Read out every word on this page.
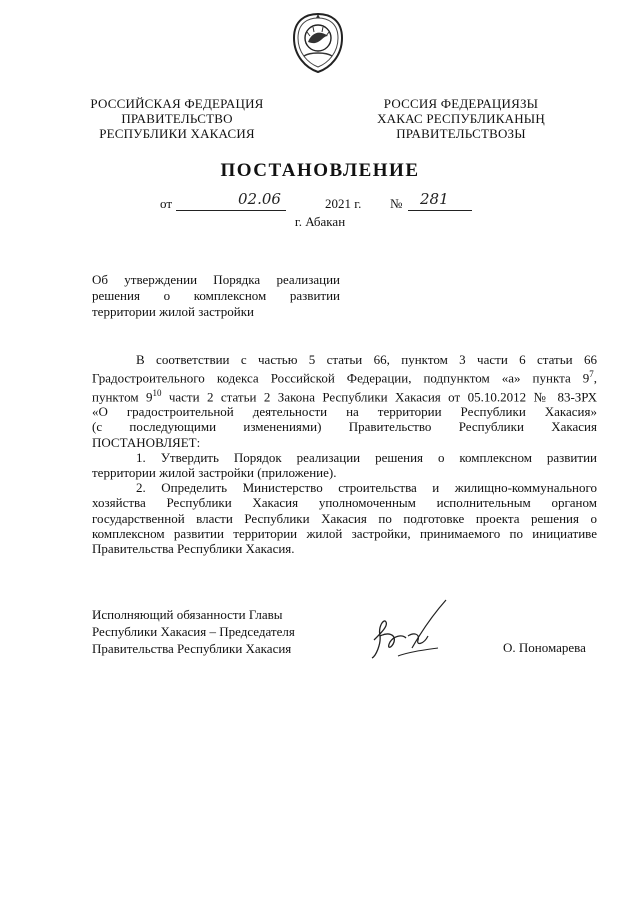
РОССИЙСКАЯ ФЕДЕРАЦИЯ
ПРАВИТЕЛЬСТВО
РЕСПУБЛИКИ ХАКАСИЯ
РОССИЯ ФЕДЕРАЦИЯЗЫ
ХАКАС РЕСПУБЛИКАНЫҢ
ПРАВИТЕЛЬСТВОЗЫ
ПОСТАНОВЛЕНИЕ
от	02.06	2021 г. № 281
г. Абакан
Об утверждении Порядка реализации
решения о комплексном развитии
территории жилой застройки

В соответствии с частью 5 статьи 66, пунктом 3 части 6 статьи 66

Градостроительного кодекса Российской Федерации, подпунктом «а» пункта $9^7$,

пунктом $9^{10}$ части 2 статьи 2 Закона Республики Хакасия от 05.10.2012 № 83-ЗРХ

«О градостроительной деятельности на территории Республики Хакасия»

(с последующими изменениями) Правительство Республики Хакасия

ПОСТАНОВЛЯЕТ:

1. Утвердить Порядок реализации решения о комплексном развитии

территории жилой застройки (приложение).

2. Определить Министерство строительства и жилищно-коммунального

хозяйства Республики Хакасия уполномоченным исполнительным органом

государственной власти Республики Хакасия по подготовке проекта решения о

комплексном развитии территории жилой застройки, принимаемого по инициативе

Правительства Республики Хакасия.

Исполняющий обязанности Главы
Республики Хакасия – Председателя
Правительства Республики Хакасия	О. Пономарева
